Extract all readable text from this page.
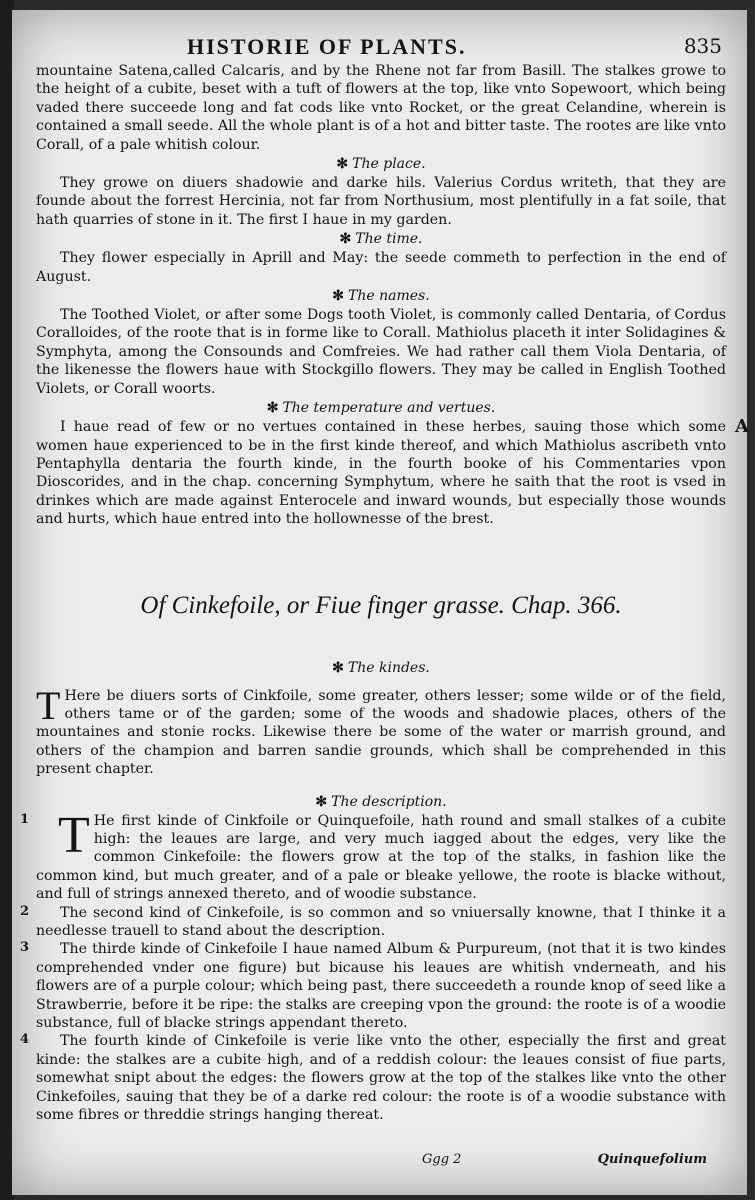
HISTORIE OF PLANTS.	835

mountaine Satena,called Calcaris, and by the Rhene not far from Basill. The stalkes growe to the height of a cubite, beset with a tuft of flowers at the top, like vnto Sopewoort, which being vaded there succeede long and fat cods like vnto Rocket, or the great Celandine, wherein is contained a small seede. All the whole plant is of a hot and bitter taste. The rootes are like vnto Corall, of a pale whitish colour.

✻ The place.

They growe on diuers shadowie and darke hils. Valerius Cordus writeth, that they are founde about the forrest Hercinia, not far from Northusium, most plentifully in a fat soile, that hath quarries of stone in it. The first I haue in my garden.

✻ The time.

They flower especially in Aprill and May: the seede commeth to perfection in the end of August.

✻ The names.

The Toothed Violet, or after some Dogs tooth Violet, is commonly called Dentaria, of Cordus Coralloides, of the roote that is in forme like to Corall. Mathiolus placeth it inter Solidagines & Symphyta, among the Consounds and Comfreies. We had rather call them Viola Dentaria, of the likenesse the flowers haue with Stockgillo flowers. They may be called in English Toothed Violets, or Corall woorts.

✻ The temperature and vertues.

I haue read of few or no vertues contained in these herbes, sauing those which some women haue experienced to be in the first kinde thereof, and which Mathiolus ascribeth vnto Pentaphylla dentaria the fourth kinde, in the fourth booke of his Commentaries vpon Dioscorides, and in the chap. concerning Symphytum, where he saith that the root is vsed in drinkes which are made against Enterocele and inward wounds, but especially those wounds and hurts, which haue entred into the hollownesse of the brest.

Of Cinkefoile, or Fiue finger grasse. Chap. 366.
✻ The kindes.
T Here be diuers sorts of Cinkfoile, some greater, others lesser; some wilde or of the field, others tame or of the garden; some of the woods and shadowie places, others of the mountaines and stonie rocks. Likewise there be some of the water or marrish ground, and others of the champion and barren sandie grounds, which shall be comprehended in this present chapter.

✻ The description.
1 T He first kinde of Cinkfoile or Quinquefoile, hath round and small stalkes of a cubite high: the leaues are large, and very much iagged about the edges, very like the common Cinkefoile: the flowers grow at the top of the stalks, in fashion like the common kind, but much greater, and of a pale or bleake yellowe, the roote is blacke without, and full of strings annexed thereto, and of woodie substance.

2	The second kind of Cinkefoile, is so common and so vniuersally knowne, that I thinke it a needlesse trauell to stand about the description.

3	The thirde kinde of Cinkefoile I haue named Album & Purpureum, (not that it is two kindes comprehended vnder one figure) but bicause his leaues are whitish vnderneath, and his flowers are of a purple colour; which being past, there succeedeth a rounde knop of seed like a Strawberrie, before it be ripe: the stalks are creeping vpon the ground: the roote is of a woodie substance, full of blacke strings appendant thereto.

4	The fourth kinde of Cinkefoile is verie like vnto the other, especially the first and great kinde: the stalkes are a cubite high, and of a reddish colour: the leaues consist of fiue parts, somewhat snipt about the edges: the flowers grow at the top of the stalkes like vnto the other Cinkefoiles, sauing that they be of a darke red colour: the roote is of a woodie substance with some fibres or threddie strings hanging thereat.

A
Ggg 2	Quinquefolium
